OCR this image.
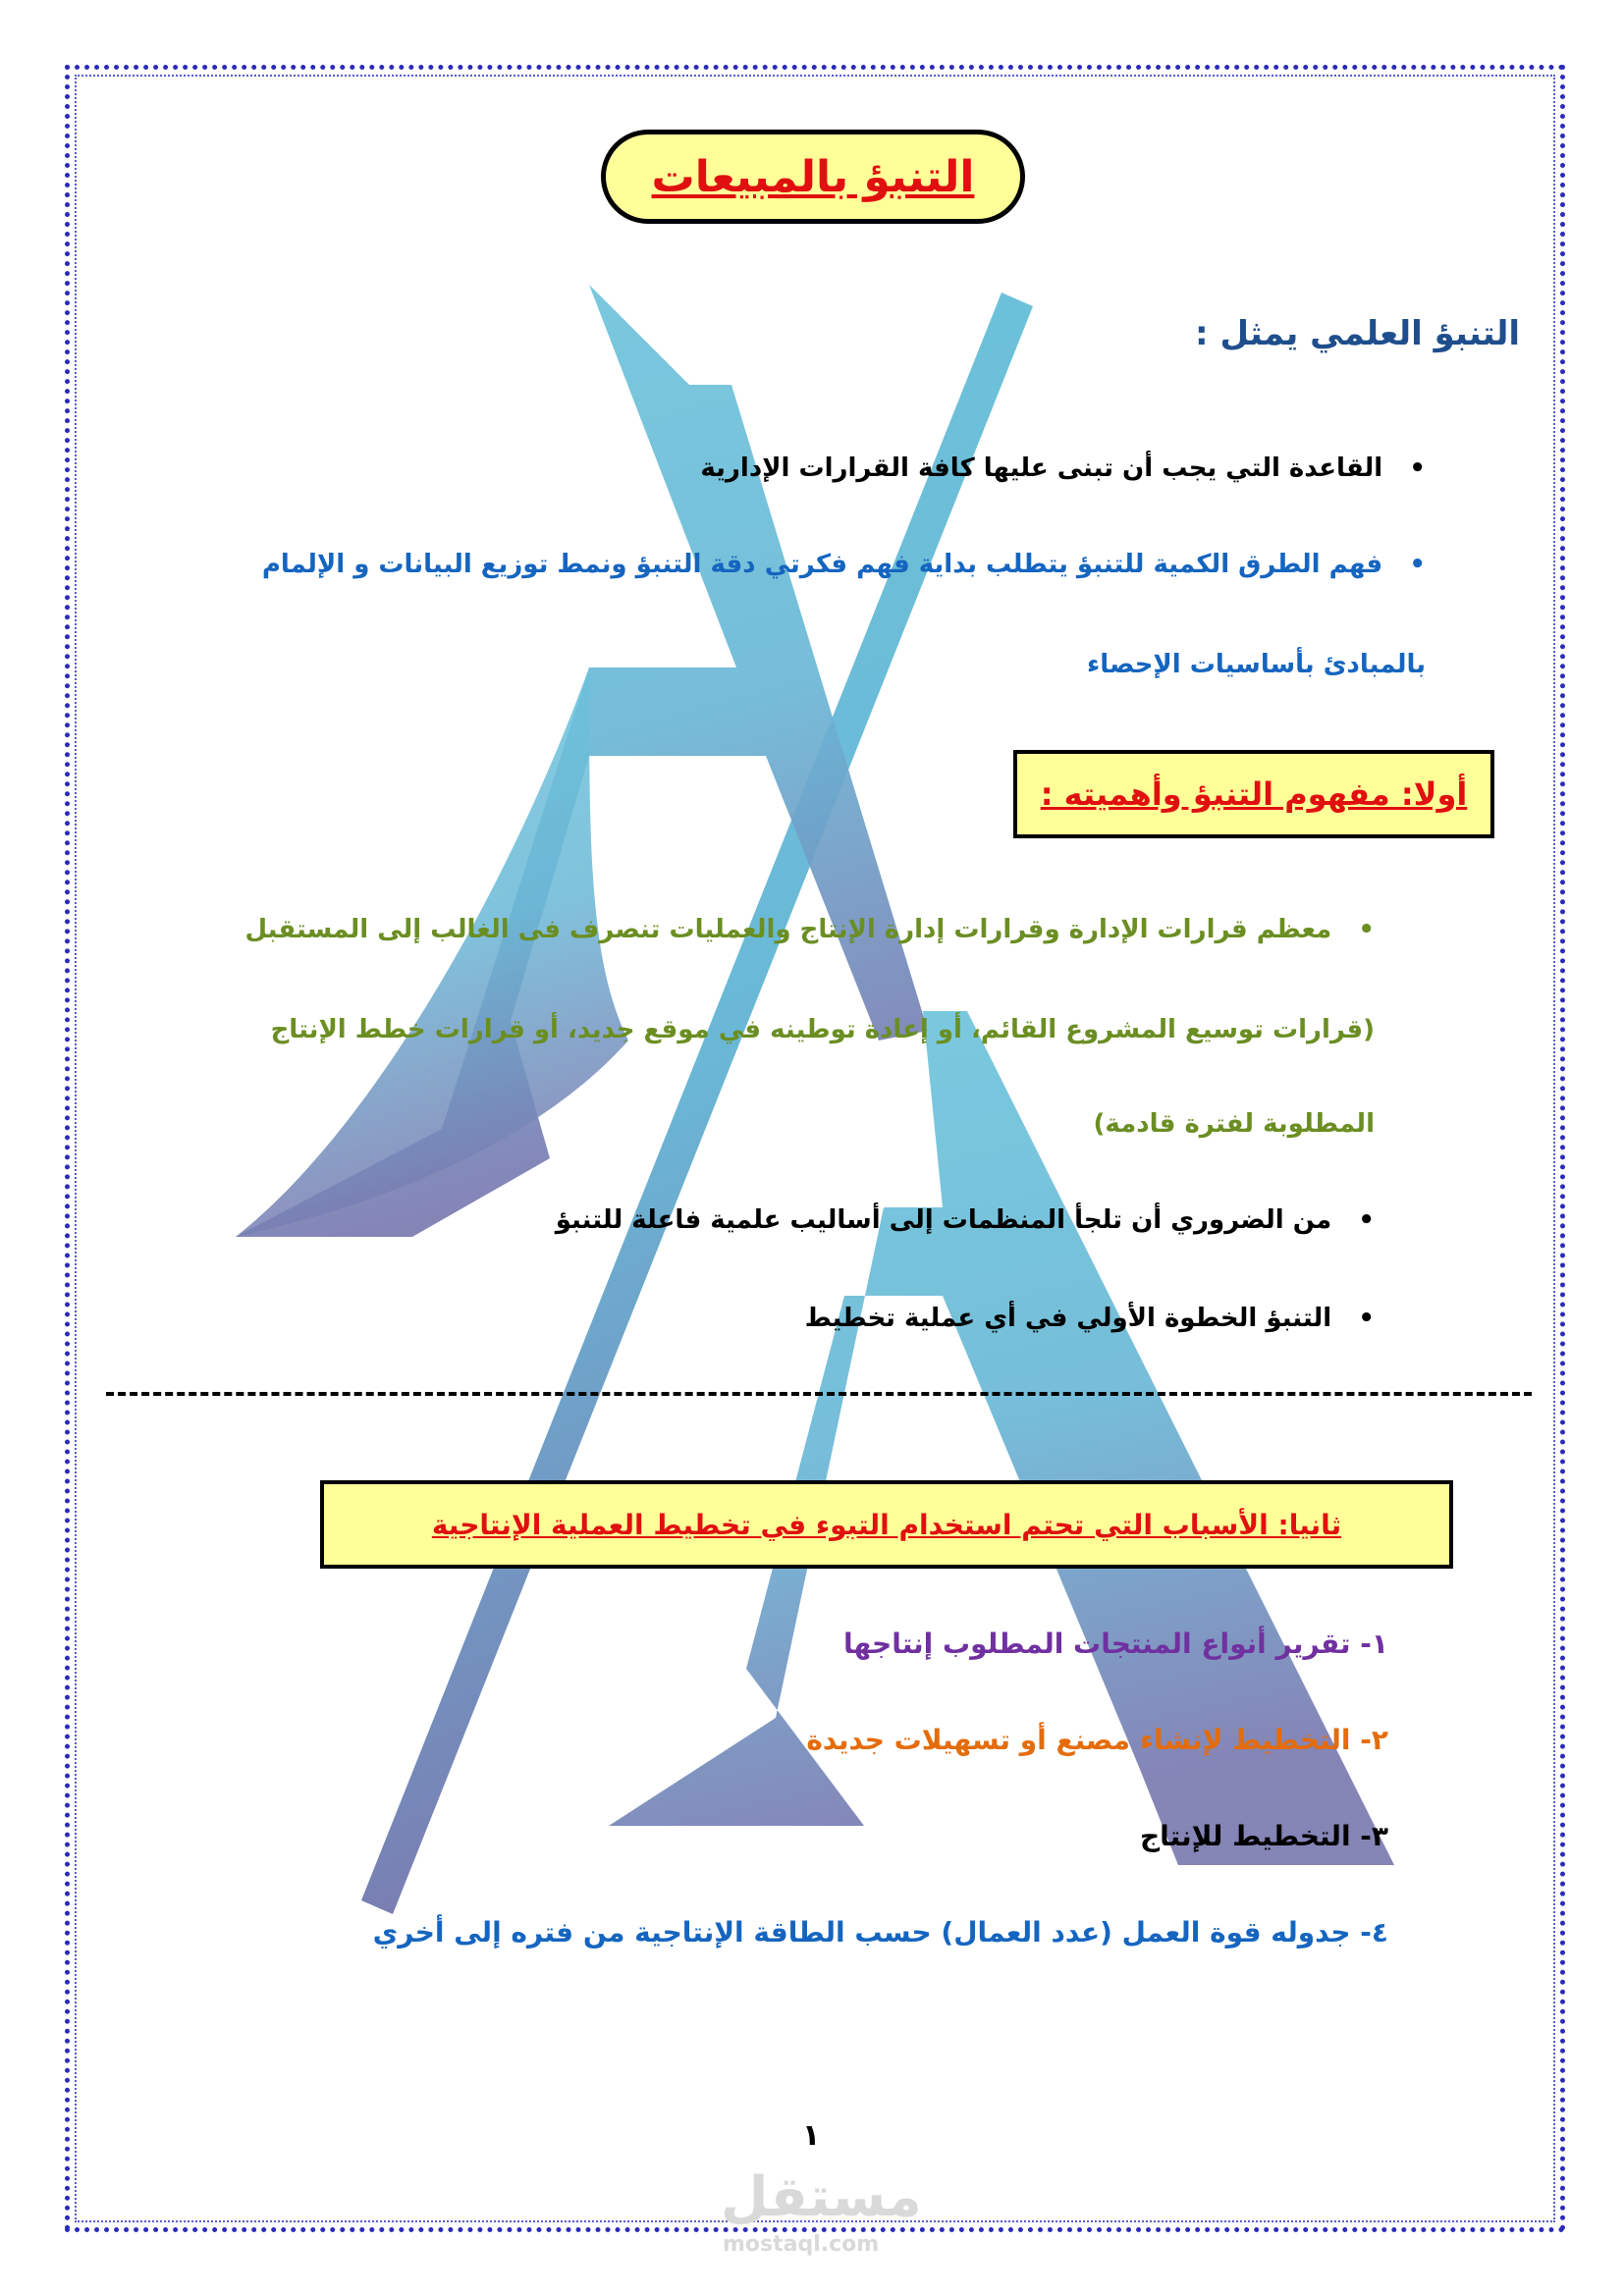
التنبؤ بالمبيعات
التنبؤ العلمي يمثل :
•   القاعدة التي يجب أن تبنى عليها كافة القرارات الإدارية
•   فهم الطرق الكمية للتنبؤ يتطلب بداية فهم فكرتي دقة التنبؤ ونمط توزيع البيانات و الإلمام
بالمبادئ بأساسيات الإحصاء
أولا: مفهوم التنبؤ وأهميته :
•   معظم قرارات الإدارة وقرارات إدارة الإنتاج والعمليات تنصرف فى الغالب إلى المستقبل
(قرارات توسيع المشروع القائم، أو إعادة توطينه في موقع جديد، أو قرارات خطط الإنتاج
المطلوبة لفترة قادمة)
•   من الضروري أن تلجأ المنظمات إلى أساليب علمية فاعلة للتنبؤ
•   التنبؤ الخطوة الأولي في أي عملية تخطيط
ثانيا: الأسباب التي تحتم استخدام التبوء في تخطيط العملية الإنتاجية
١- تقرير أنواع المنتجات المطلوب إنتاجها
٢- التخطيط لإنشاء مصنع أو تسهيلات جديدة
٣- التخطيط للإنتاج
٤- جدوله قوة العمل (عدد العمال) حسب الطاقة الإنتاجية من فتره إلى أخري
١
مستقل
mostaql.com
